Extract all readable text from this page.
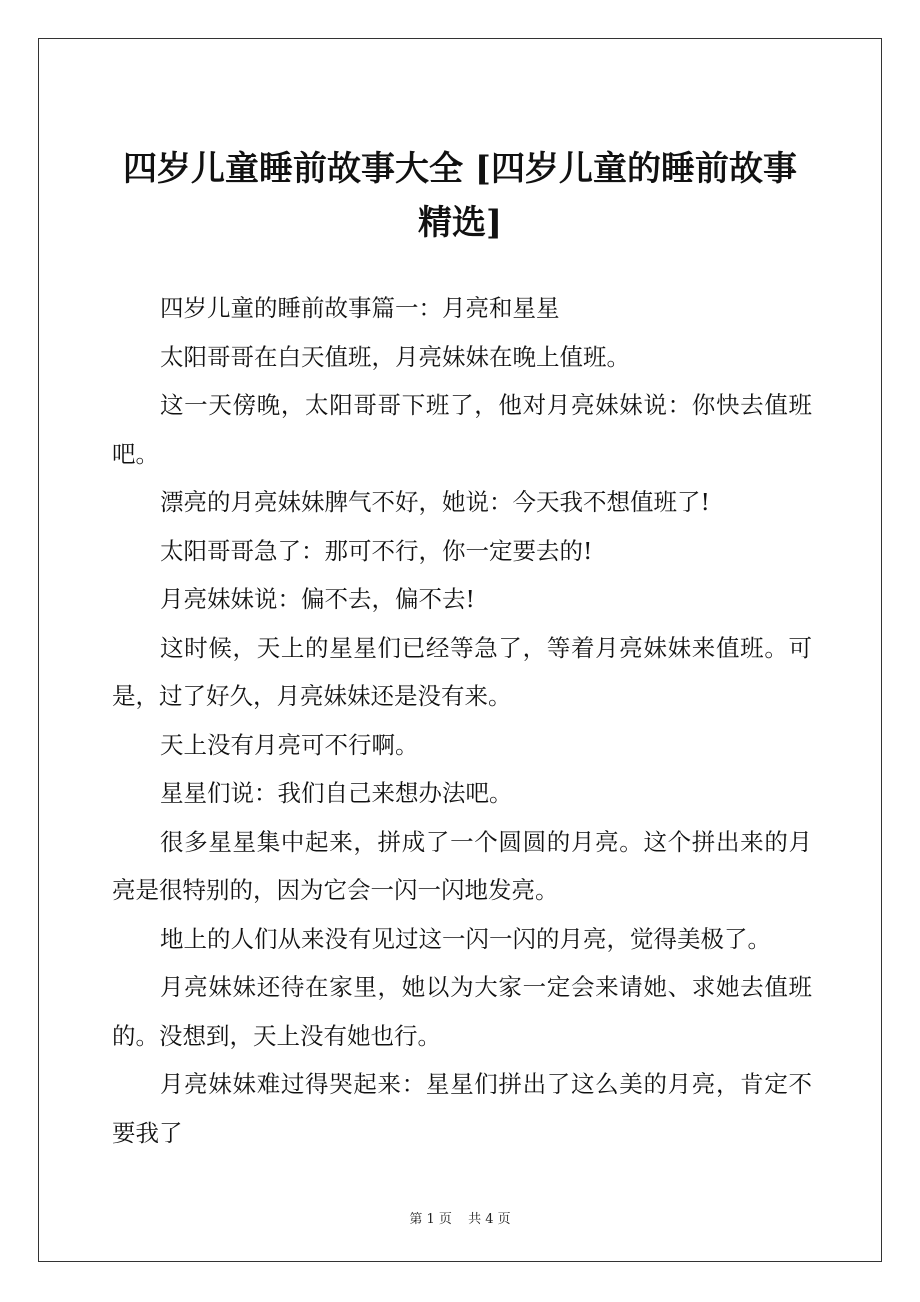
四岁儿童睡前故事大全 [四岁儿童的睡前故事精选]

四岁儿童的睡前故事篇一：月亮和星星

太阳哥哥在白天值班，月亮妹妹在晚上值班。

这一天傍晚，太阳哥哥下班了，他对月亮妹妹说：你快去值班吧。

漂亮的月亮妹妹脾气不好，她说：今天我不想值班了!

太阳哥哥急了：那可不行，你一定要去的!

月亮妹妹说：偏不去，偏不去!

这时候，天上的星星们已经等急了，等着月亮妹妹来值班。可是，过了好久，月亮妹妹还是没有来。

天上没有月亮可不行啊。

星星们说：我们自己来想办法吧。

很多星星集中起来，拼成了一个圆圆的月亮。这个拼出来的月亮是很特别的，因为它会一闪一闪地发亮。

地上的人们从来没有见过这一闪一闪的月亮，觉得美极了。

月亮妹妹还待在家里，她以为大家一定会来请她、求她去值班的。没想到，天上没有她也行。

月亮妹妹难过得哭起来：星星们拼出了这么美的月亮，肯定不要我了

第 1 页 共 4 页
